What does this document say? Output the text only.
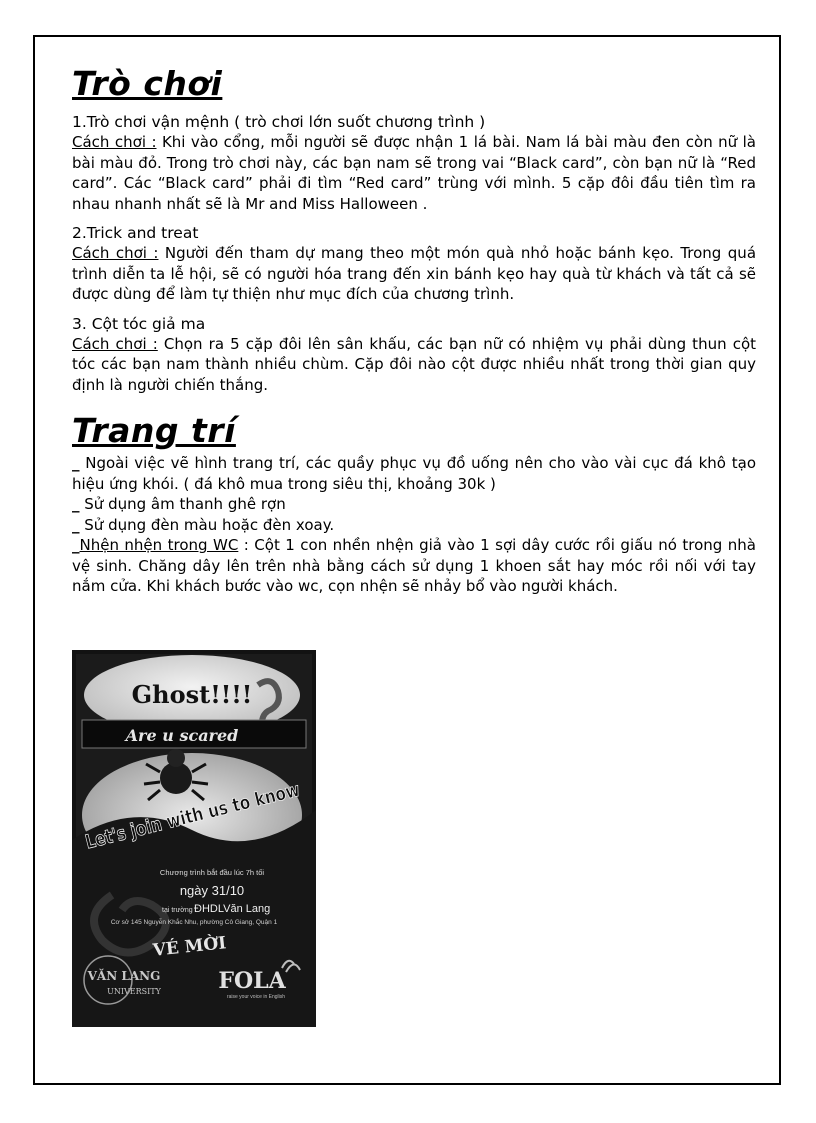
Trò chơi
1.Trò chơi vận mệnh ( trò chơi lớn suốt chương trình )

Cách chơi : Khi vào cổng, mỗi người sẽ được nhận 1 lá bài. Nam lá bài màu đen còn nữ là bài màu đỏ. Trong trò chơi này, các bạn nam sẽ trong vai “Black card”, còn bạn nữ là “Red card”. Các “Black card” phải đi tìm “Red card” trùng với mình. 5 cặp đôi đầu tiên tìm ra nhau nhanh nhất sẽ là Mr and Miss Halloween .

2.Trick and treat

Cách chơi : Người đến tham dự mang theo một món quà nhỏ hoặc bánh kẹo. Trong quá trình diễn ta lễ hội, sẽ có người hóa trang đến xin bánh kẹo hay quà từ khách và tất cả sẽ được dùng để làm tự thiện như mục đích của chương trình.

3. Cột tóc giả ma

Cách chơi : Chọn ra 5 cặp đôi lên sân khấu, các bạn nữ có nhiệm vụ phải dùng thun cột tóc các bạn nam thành nhiều chùm. Cặp đôi nào cột được nhiều nhất trong thời gian quy định là người chiến thắng.

Trang trí

_ Ngoài việc vẽ hình trang trí, các quầy phục vụ đồ uống nên cho vào vài cục đá khô tạo hiệu ứng khói. ( đá khô mua trong siêu thị, khoảng 30k )

_ Sử dụng âm thanh ghê rợn

_ Sử dụng đèn màu hoặc đèn xoay.

_Nhện nhện trong WC : Cột 1 con nhền nhện giả vào 1 sợi dây cước rồi giấu nó trong nhà vệ sinh. Chăng dây lên trên nhà bằng cách sử dụng 1 khoen sắt hay móc rồi nối với tay nắm cửa. Khi khách bước vào wc, cọn nhện sẽ nhảy bổ vào người khách.

Ghost!!!!
Are u scared
Let's join with us to know
Chương trình bắt đầu lúc 7h tối
ngày 31/10
tại trường ĐHDLVăn Lang
Cơ sở 145 Nguyễn Khắc Nhu, phường Cô Giang, Quận 1
VÉ MỜI
VĂN LANG
UNIVERSITY	FOLA
raise your voice in English
